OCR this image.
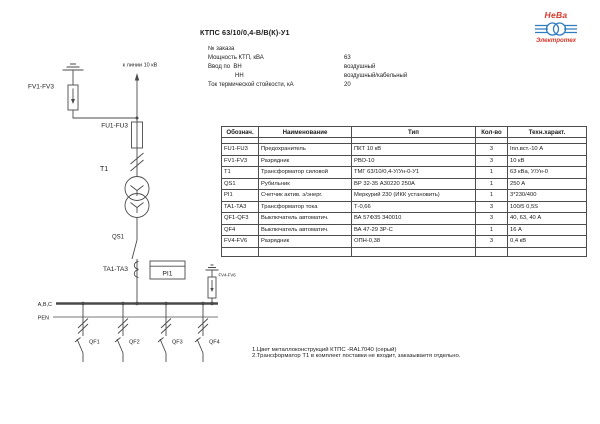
НеВа
Электротех
КТПС 63/10/0,4-В/В(К)-У1
№ заказа
Мощность КТП, кВА	63
Ввод по  ВН	воздушный
НН	воздушный/кабельный
Ток термической стойкости, кА	20
Обознач.	Наименование	Тип	Кол-во	Техн.характ.

FU1-FU3	Предохранитель	ПКТ 10 кВ	3	Iпл.вст.-10 А
FV1-FV3	Разрядник	РВО-10	3	10 кВ
T1	Трансформатор силовой	ТМГ 63/10/0,4-У/Ун-0-У1	1	63 кВа, У/Ун-0
QS1	Рубильник	ВР 32-35 А30220 250А	1	250 А
PI1	Счетчик актив. э/энерг.	Меркурий 230 (ИКК установить)	1	3*230/400
TA1-TA3	Трансформатор тока	Т-0,66	3	100/5 0,5S
QF1-QF3	Выключатель автоматич.	ВА 57Ф35 340010	3	40, 63, 40 А
QF4	Выключатель автоматич.	ВА 47-29 3Р-С	1	16 А
FV4-FV6	Разрядник	ОПН-0,38	3	0,4 кВ

1.Цвет металлоконструкций КТПС -RAL7040 (серый)
2.Трансформатор Т1 в комплект поставки не входит, заказываетя отдельно.
к линии 10 кВ
FV1-FV3
FU1-FU3
T1
QS1
TA1-TA3
PI1	FV4-FV6
А,В,С
PEN
QF1	QF2	QF3	QF4
